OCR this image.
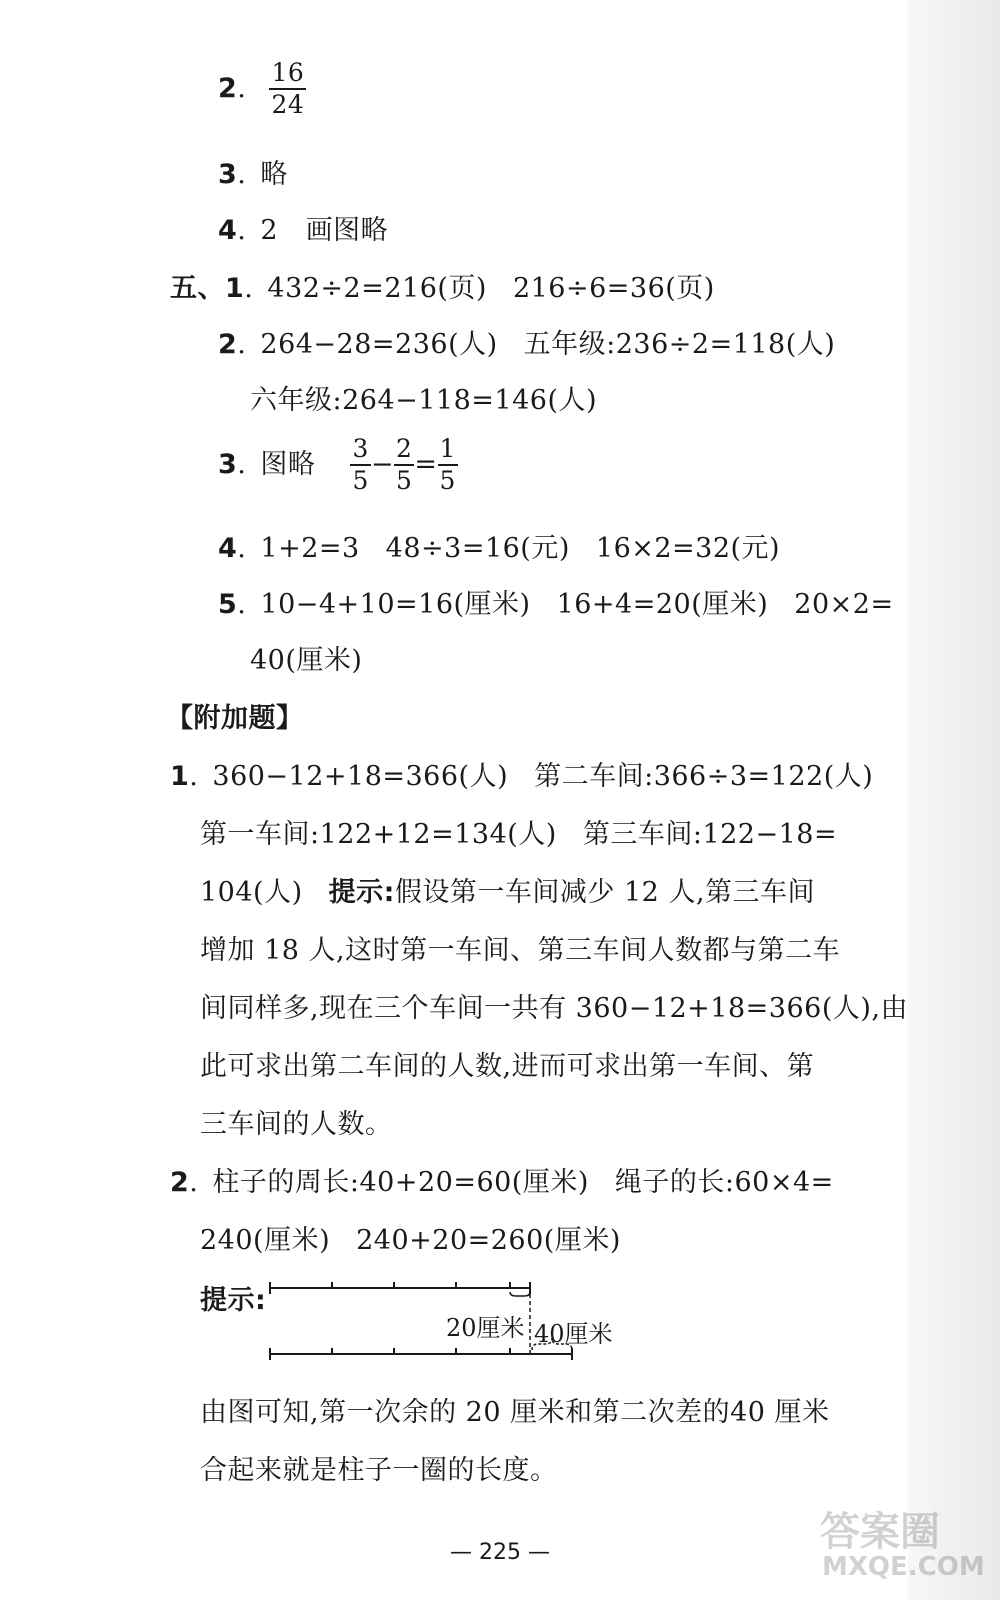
2. $\frac{16}{24}$
3. 略
4. 2　画图略
五、1. 432÷2=216(页) 216÷6=36(页)
2. 264−28=236(人) 五年级:236÷2=118(人)
六年级:264−118=146(人)
3. 图略 $\frac{3}{5} - \frac{2}{5} = \frac{1}{5}$
4. 1+2=3 48÷3=16(元) 16×2=32(元)
5. 10−4+10=16(厘米) 16+4=20(厘米) 20×2=
40(厘米)
【附加题】
1. 360−12+18=366(人) 第二车间:366÷3=122(人)
第一车间:122+12=134(人) 第三车间:122−18=
104(人) 提示:假设第一车间减少 12 人,第三车间
增加 18 人,这时第一车间、第三车间人数都与第二车
间同样多,现在三个车间一共有 360−12+18=366(人),由
此可求出第二车间的人数,进而可求出第一车间、第
三车间的人数。
2. 柱子的周长:40+20=60(厘米) 绳子的长:60×4=
240(厘米) 240+20=260(厘米)
提示:
20厘米 40厘米
由图可知,第一次余的 20 厘米和第二次差的40 厘米
合起来就是柱子一圈的长度。
— 225 —	答案圈
MXQE.COM
